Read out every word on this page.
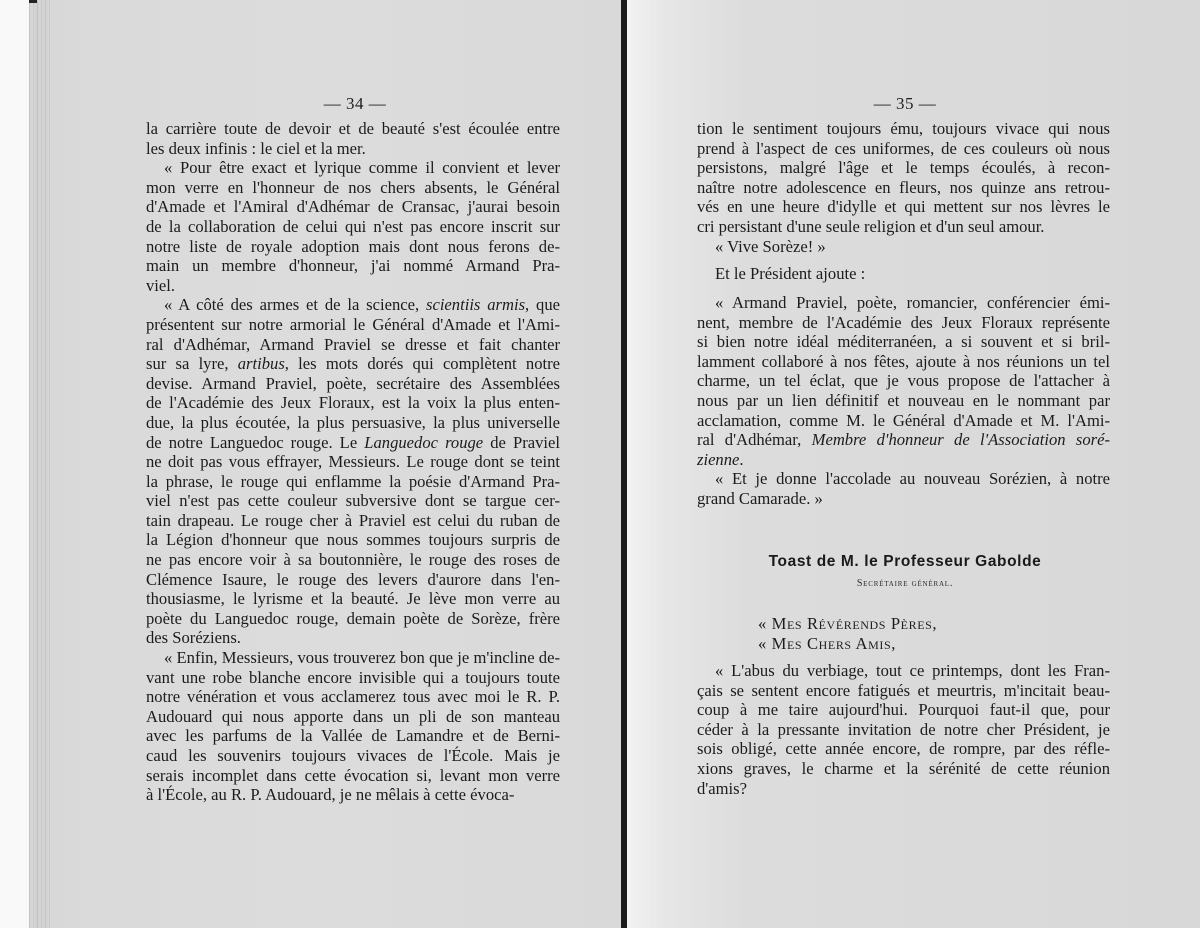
— 34 —

la carrière toute de devoir et de beauté s'est écoulée entre
les deux infinis : le ciel et la mer.

« Pour être exact et lyrique comme il convient et lever
mon verre en l'honneur de nos chers absents, le Général
d'Amade et l'Amiral d'Adhémar de Cransac, j'aurai besoin
de la collaboration de celui qui n'est pas encore inscrit sur
notre liste de royale adoption mais dont nous ferons de-
main un membre d'honneur, j'ai nommé Armand Pra-
viel.

« A côté des armes et de la science, scientiis armis, que
présentent sur notre armorial le Général d'Amade et l'Ami-
ral d'Adhémar, Armand Praviel se dresse et fait chanter
sur sa lyre, artibus, les mots dorés qui complètent notre
devise. Armand Praviel, poète, secrétaire des Assemblées
de l'Académie des Jeux Floraux, est la voix la plus enten-
due, la plus écoutée, la plus persuasive, la plus universelle
de notre Languedoc rouge. Le Languedoc rouge de Praviel
ne doit pas vous effrayer, Messieurs. Le rouge dont se teint
la phrase, le rouge qui enflamme la poésie d'Armand Pra-
viel n'est pas cette couleur subversive dont se targue cer-
tain drapeau. Le rouge cher à Praviel est celui du ruban de
la Légion d'honneur que nous sommes toujours surpris de
ne pas encore voir à sa boutonnière, le rouge des roses de
Clémence Isaure, le rouge des levers d'aurore dans l'en-
thousiasme, le lyrisme et la beauté. Je lève mon verre au
poète du Languedoc rouge, demain poète de Sorèze, frère
des Soréziens.

« Enfin, Messieurs, vous trouverez bon que je m'incline de-
vant une robe blanche encore invisible qui a toujours toute
notre vénération et vous acclamerez tous avec moi le R. P.
Audouard qui nous apporte dans un pli de son manteau
avec les parfums de la Vallée de Lamandre et de Berni-
caud les souvenirs toujours vivaces de l'École. Mais je
serais incomplet dans cette évocation si, levant mon verre
à l'École, au R. P. Audouard, je ne mêlais à cette évoca-

— 35 —

tion le sentiment toujours ému, toujours vivace qui nous
prend à l'aspect de ces uniformes, de ces couleurs où nous
persistons, malgré l'âge et le temps écoulés, à recon-
naître notre adolescence en fleurs, nos quinze ans retrou-
vés en une heure d'idylle et qui mettent sur nos lèvres le
cri persistant d'une seule religion et d'un seul amour.

« Vive Sorèze! »

Et le Président ajoute :

« Armand Praviel, poète, romancier, conférencier émi-
nent, membre de l'Académie des Jeux Floraux représente
si bien notre idéal méditerranéen, a si souvent et si bril-
lamment collaboré à nos fêtes, ajoute à nos réunions un tel
charme, un tel éclat, que je vous propose de l'attacher à
nous par un lien définitif et nouveau en le nommant par
acclamation, comme M. le Général d'Amade et M. l'Ami-
ral d'Adhémar, Membre d'honneur de l'Association soré-
zienne.

« Et je donne l'accolade au nouveau Sorézien, à notre
grand Camarade. »

Toast de M. le Professeur Gabolde
Secrétaire général.
« Mes Révérends Pères,
« Mes Chers Amis,

« L'abus du verbiage, tout ce printemps, dont les Fran-
çais se sentent encore fatigués et meurtris, m'incitait beau-
coup à me taire aujourd'hui. Pourquoi faut-il que, pour
céder à la pressante invitation de notre cher Président, je
sois obligé, cette année encore, de rompre, par des réfle-
xions graves, le charme et la sérénité de cette réunion
d'amis?
